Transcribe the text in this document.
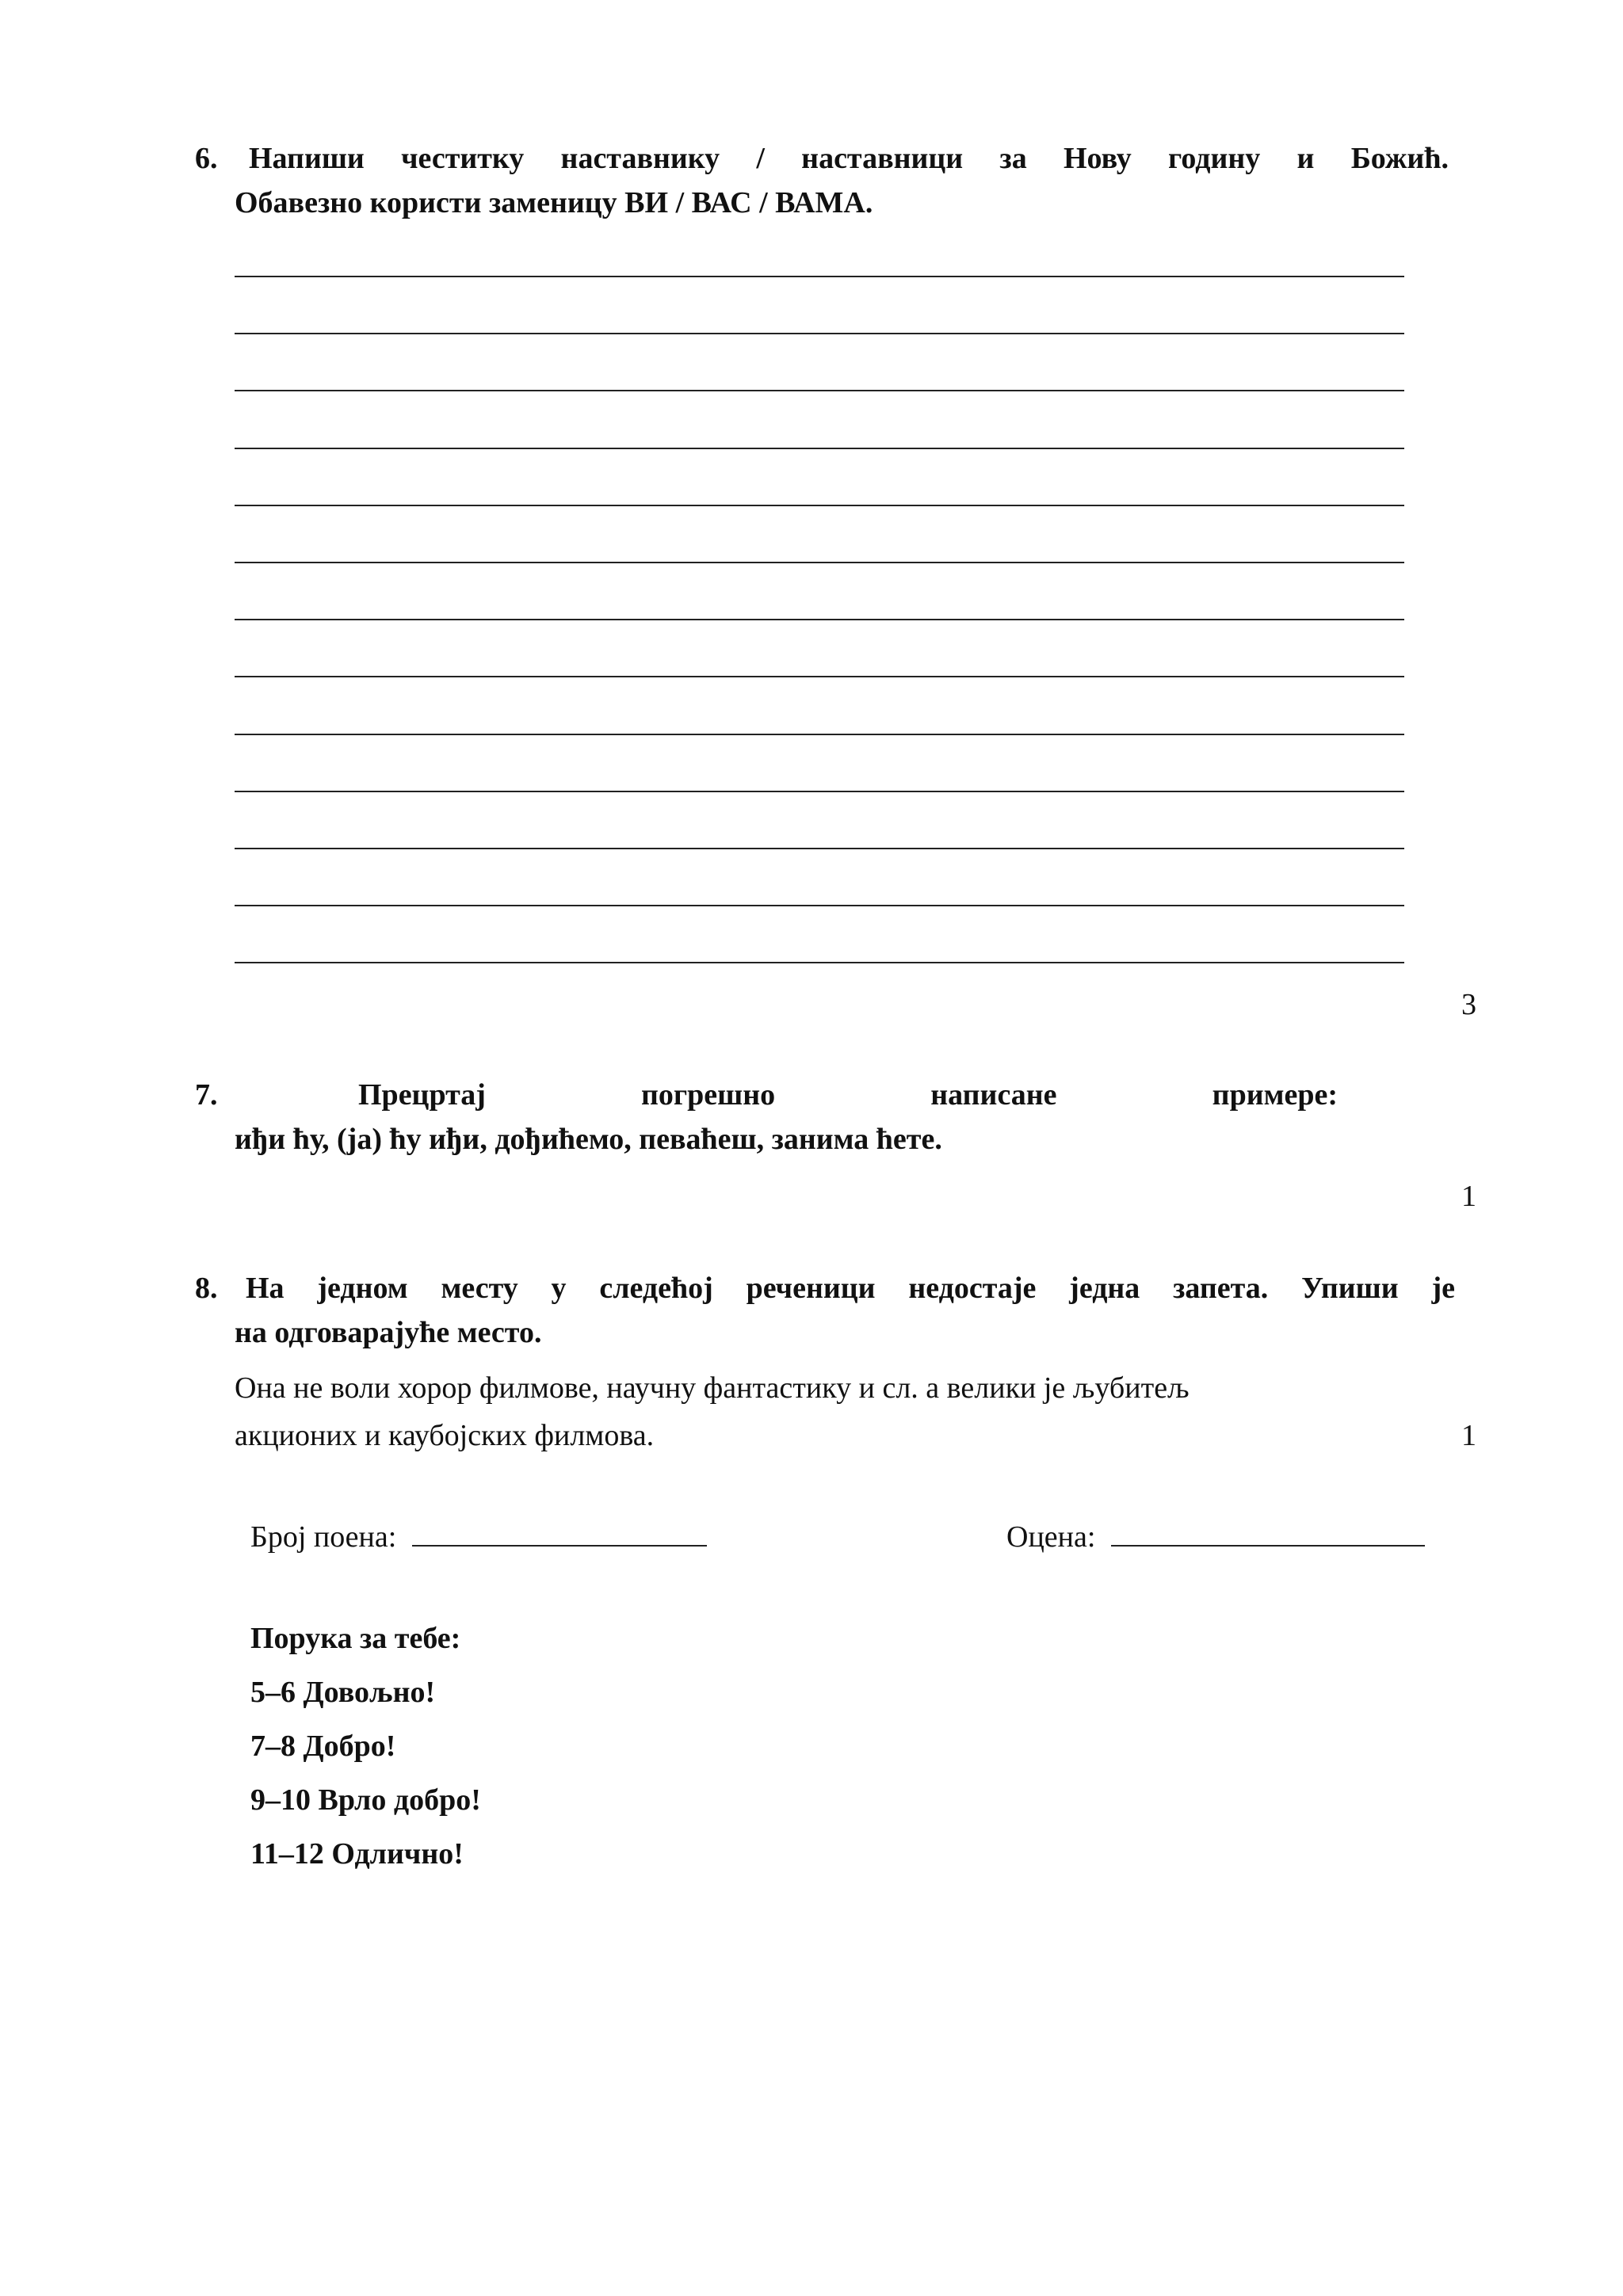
6. Напиши честитку наставнику / наставници за Нову годину и Божић.
Обавезно користи заменицу ВИ / ВАС / ВАМА.
3
7.	Прецртај	погрешно	написане	примере:
иђи ћу, (ја) ћу иђи, дођићемо, певаћеш, занима ћете.
1
8. На једном месту у следећој реченици недостаје једна запета. Упиши је
на одговарајуће место.
Она не воли хорор филмове, научну фантастику и сл. а велики је љубитељ
акционих и каубојских филмова.	1
Број поена:	Оцена:
Порука за тебе:
5–6 Довољно!
7–8 Добро!
9–10 Врло добро!
11–12 Одлично!
